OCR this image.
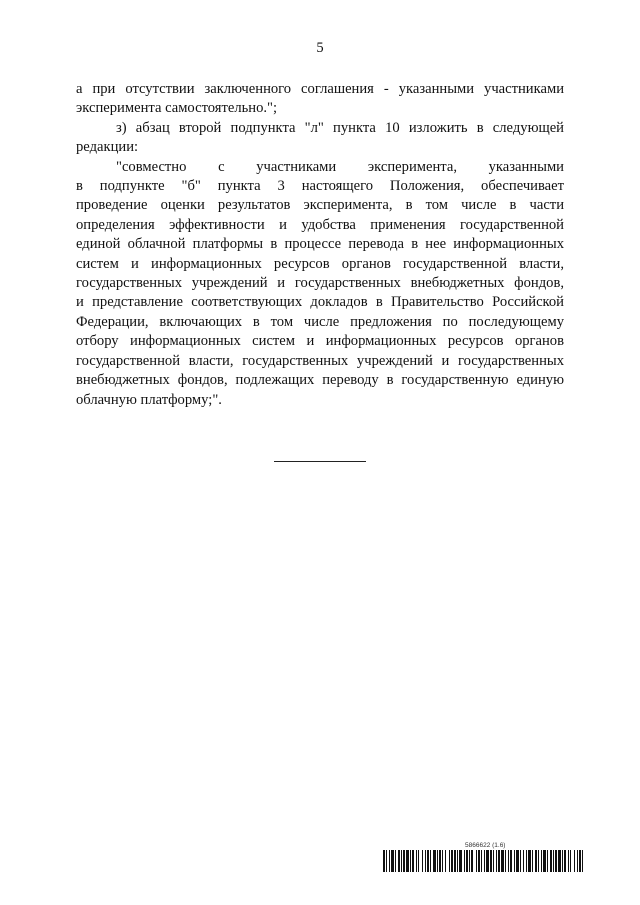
5
а при отсутствии заключенного соглашения - указанными участниками
эксперимента самостоятельно.";
з) абзац второй подпункта "л" пункта 10 изложить в следующей
редакции:
"совместно с участниками эксперимента, указанными
в подпункте "б" пункта 3 настоящего Положения, обеспечивает
проведение оценки результатов эксперимента, в том числе в части
определения эффективности и удобства применения государственной
единой облачной платформы в процессе перевода в нее информационных
систем и информационных ресурсов органов государственной власти,
государственных учреждений и государственных внебюджетных фондов,
и представление соответствующих докладов в Правительство Российской
Федерации, включающих в том числе предложения по последующему
отбору информационных систем и информационных ресурсов органов
государственной власти, государственных учреждений и государственных
внебюджетных фондов, подлежащих переводу в государственную единую
облачную платформу;".
5866622 (1.6)
